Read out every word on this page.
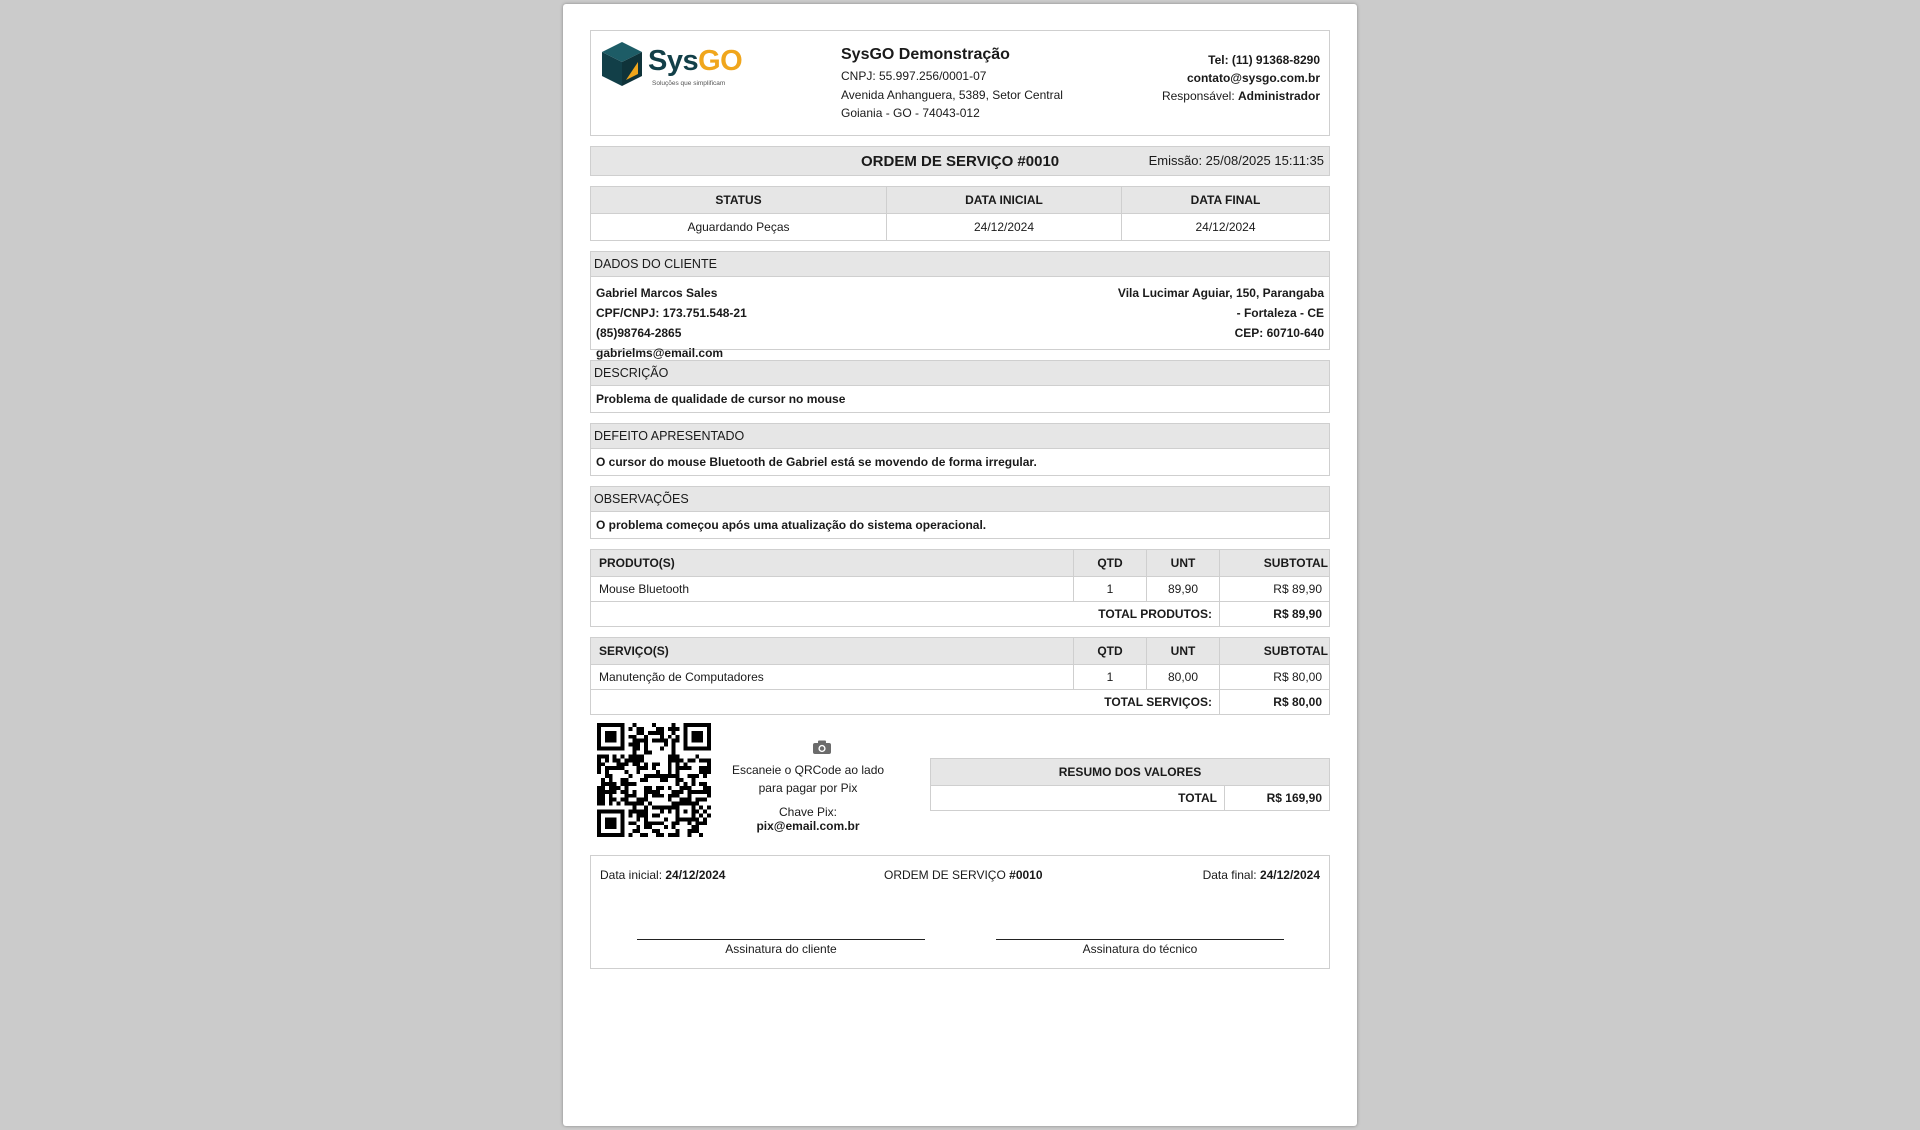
SysGO
Soluções que simplificam
SysGO Demonstração
CNPJ: 55.997.256/0001-07
Avenida Anhanguera, 5389, Setor Central
Goiania - GO - 74043-012
Tel: (11) 91368-8290
contato@sysgo.com.br
Responsável: Administrador
ORDEM DE SERVIÇO #0010	Emissão: 25/08/2025 15:11:35
STATUS	DATA INICIAL	DATA FINAL
Aguardando Peças	24/12/2024	24/12/2024
DADOS DO CLIENTE
Gabriel Marcos Sales
CPF/CNPJ: 173.751.548-21
(85)98764-2865
gabrielms@email.com
Vila Lucimar Aguiar, 150, Parangaba
- Fortaleza - CE
CEP: 60710-640
DESCRIÇÃO
Problema de qualidade de cursor no mouse
DEFEITO APRESENTADO
O cursor do mouse Bluetooth de Gabriel está se movendo de forma irregular.
OBSERVAÇÕES
O problema começou após uma atualização do sistema operacional.
PRODUTO(S)	QTD	UNT	SUBTOTAL
Mouse Bluetooth	1	89,90	R$ 89,90
TOTAL PRODUTOS:			R$ 89,90
SERVIÇO(S)	QTD	UNT	SUBTOTAL
Manutenção de Computadores	1	80,00	R$ 80,00
TOTAL SERVIÇOS:			R$ 80,00
Escaneie o QRCode ao lado para pagar por Pix
Chave Pix: pix@email.com.br
RESUMO DOS VALORES
TOTAL	R$ 169,90
Data inicial: 24/12/2024	ORDEM DE SERVIÇO #0010	Data final: 24/12/2024
Assinatura do cliente	Assinatura do técnico
